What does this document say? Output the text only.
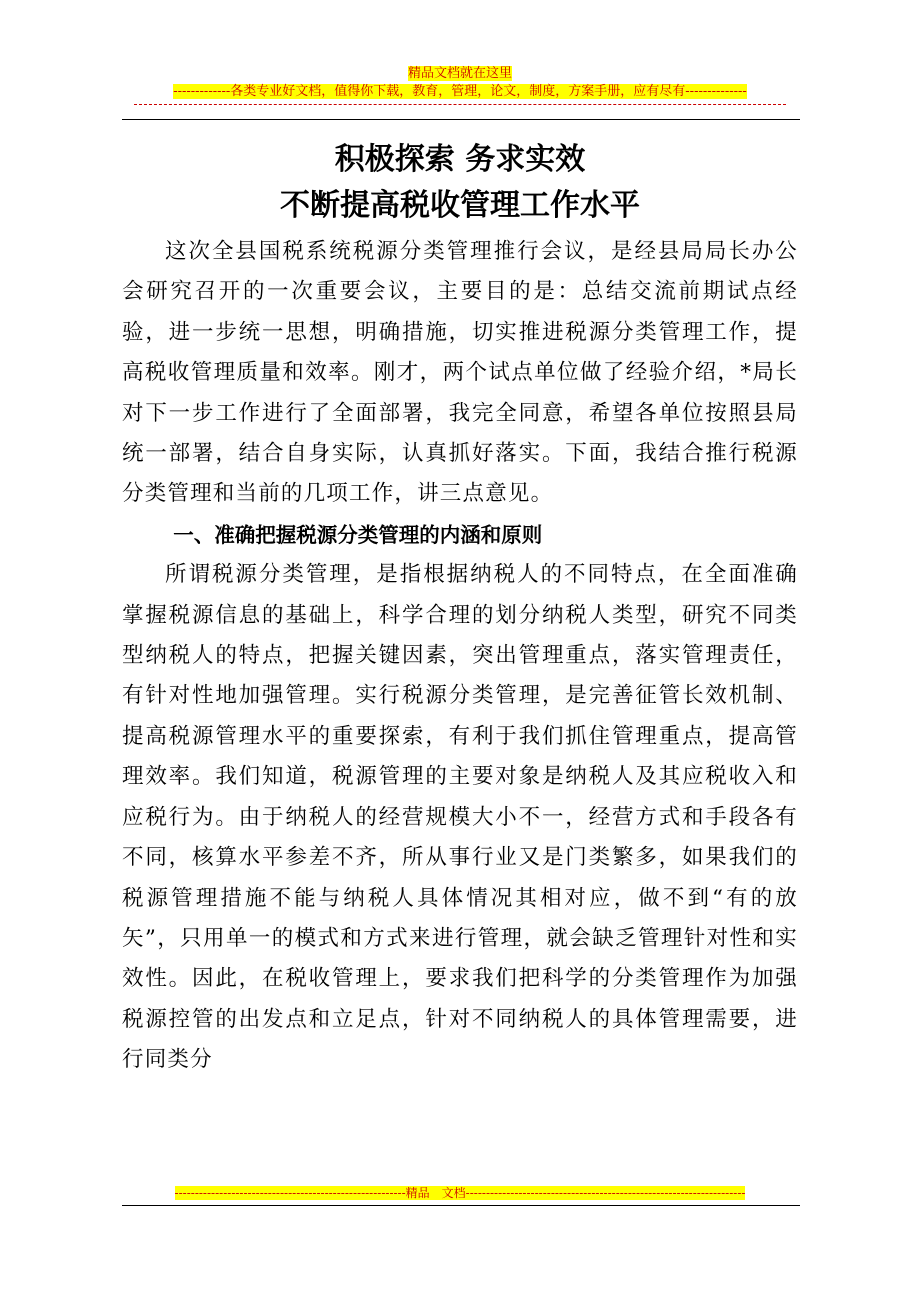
精品文档就在这里
-------------各类专业好文档，值得你下载，教育，管理，论文，制度，方案手册，应有尽有--------------
积极探索 务求实效
不断提高税收管理工作水平

这次全县国税系统税源分类管理推行会议，是经县局局长办公会研究召开的一次重要会议，主要目的是：总结交流前期试点经验，进一步统一思想，明确措施，切实推进税源分类管理工作，提高税收管理质量和效率。刚才，两个试点单位做了经验介绍，*局长对下一步工作进行了全面部署，我完全同意，希望各单位按照县局统一部署，结合自身实际，认真抓好落实。下面，我结合推行税源分类管理和当前的几项工作，讲三点意见。

一、准确把握税源分类管理的内涵和原则

所谓税源分类管理，是指根据纳税人的不同特点，在全面准确掌握税源信息的基础上，科学合理的划分纳税人类型，研究不同类型纳税人的特点，把握关键因素，突出管理重点，落实管理责任，有针对性地加强管理。实行税源分类管理，是完善征管长效机制、提高税源管理水平的重要探索，有利于我们抓住管理重点，提高管理效率。我们知道，税源管理的主要对象是纳税人及其应税收入和应税行为。由于纳税人的经营规模大小不一，经营方式和手段各有不同，核算水平参差不齐，所从事行业又是门类繁多，如果我们的税源管理措施不能与纳税人具体情况其相对应，做不到“有的放矢”，只用单一的模式和方式来进行管理，就会缺乏管理针对性和实效性。因此，在税收管理上，要求我们把科学的分类管理作为加强税源控管的出发点和立足点，针对不同纳税人的具体管理需要，进行同类分

---------------------------------------------------------精品　文档---------------------------------------------------------------------
